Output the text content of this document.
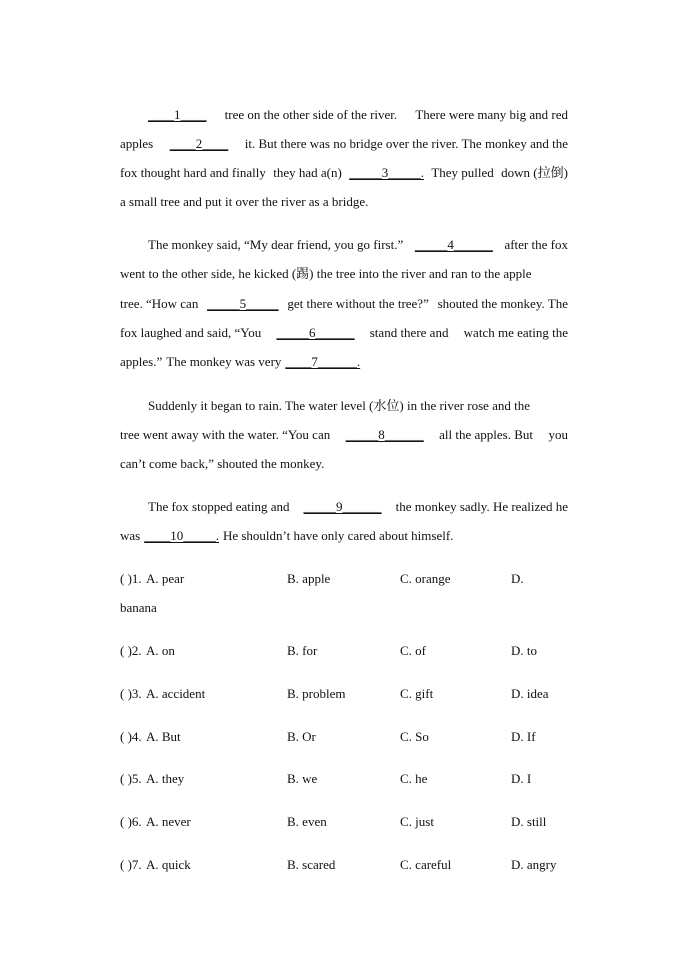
____1____ tree on the other side of the river. There were many big and red
apples ____2____ it. But there was no bridge over the river. The monkey and the
fox thought hard and finally they had a(n) _____3_____. They pulled down (拉倒)
a small tree and put it over the river as a bridge.
The monkey said, “My dear friend, you go first.” _____4______ after the fox
went to the other side, he kicked (踢) the tree into the river and ran to the apple
tree. “How can _____5_____ get there without the tree?” shouted the monkey. The
fox laughed and said, “You _____6______ stand there and watch me eating the
apples.” The monkey was very ____7______.
Suddenly it began to rain. The water level (水位) in the river rose and the
tree went away with the water. “You can _____8______ all the apples. But you
can’t come back,” shouted the monkey.
The fox stopped eating and _____9______ the monkey sadly. He realized he
was ____10_____. He shouldn’t have only cared about himself.
( )1. A. pear	B. apple	C. orange	D.
banana
( )2. A. on	B. for	C. of	D. to
( )3. A. accident	B. problem	C. gift	D. idea
( )4. A. But	B. Or	C. So	D. If
( )5. A. they	B. we	C. he	D. I
( )6. A. never	B. even	C. just	D. still
( )7. A. quick	B. scared	C. careful	D. angry
